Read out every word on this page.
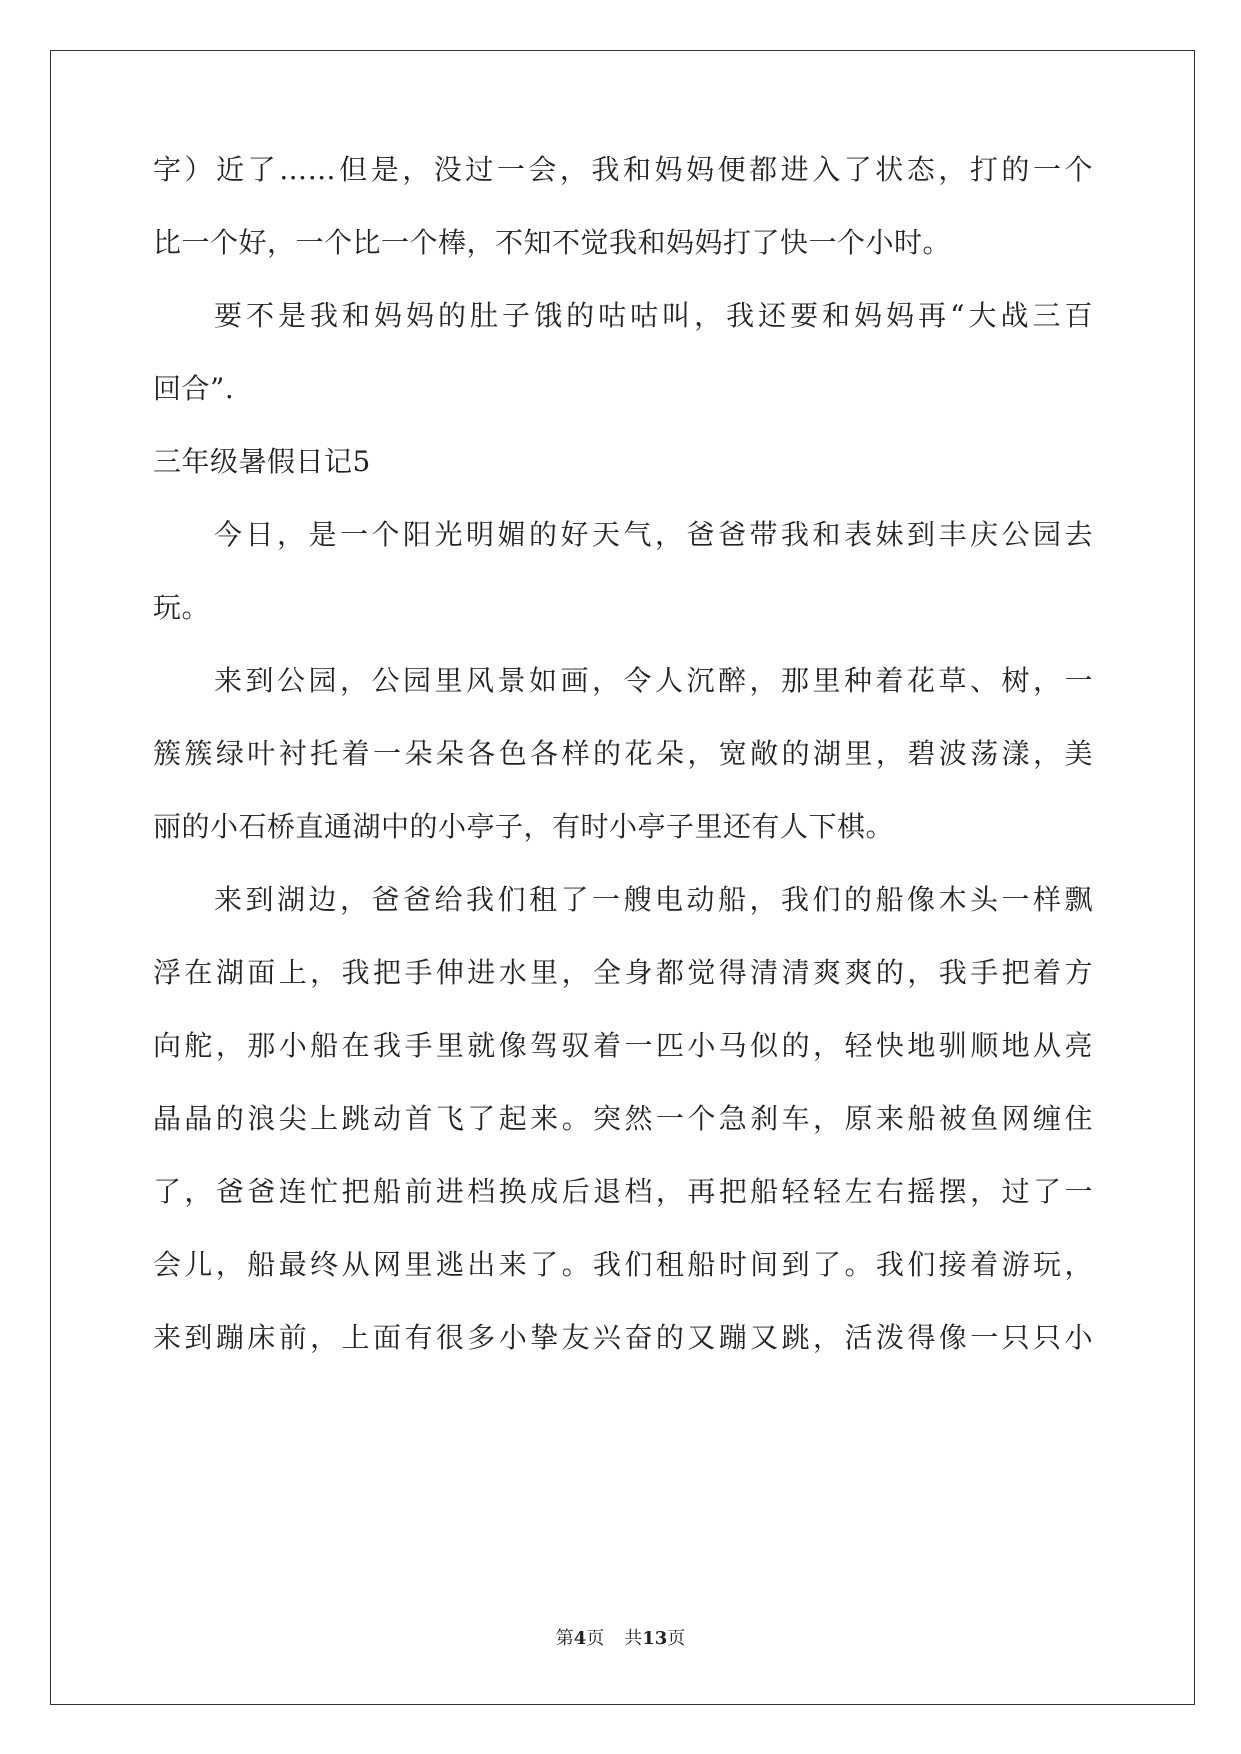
字）近了……但是，没过一会，我和妈妈便都进入了状态，打的一个
比一个好，一个比一个棒，不知不觉我和妈妈打了快一个小时。
要不是我和妈妈的肚子饿的咕咕叫，我还要和妈妈再“大战三百
回合”.
三年级暑假日记5
今日，是一个阳光明媚的好天气，爸爸带我和表妹到丰庆公园去
玩。
来到公园，公园里风景如画，令人沉醉，那里种着花草、树，一
簇簇绿叶衬托着一朵朵各色各样的花朵，宽敞的湖里，碧波荡漾，美
丽的小石桥直通湖中的小亭子，有时小亭子里还有人下棋。
来到湖边，爸爸给我们租了一艘电动船，我们的船像木头一样飘
浮在湖面上，我把手伸进水里，全身都觉得清清爽爽的，我手把着方
向舵，那小船在我手里就像驾驭着一匹小马似的，轻快地驯顺地从亮
晶晶的浪尖上跳动首飞了起来。突然一个急刹车，原来船被鱼网缠住
了，爸爸连忙把船前进档换成后退档，再把船轻轻左右摇摆，过了一
会儿，船最终从网里逃出来了。我们租船时间到了。我们接着游玩，
来到蹦床前，上面有很多小挚友兴奋的又蹦又跳，活泼得像一只只小
第4页 共13页
